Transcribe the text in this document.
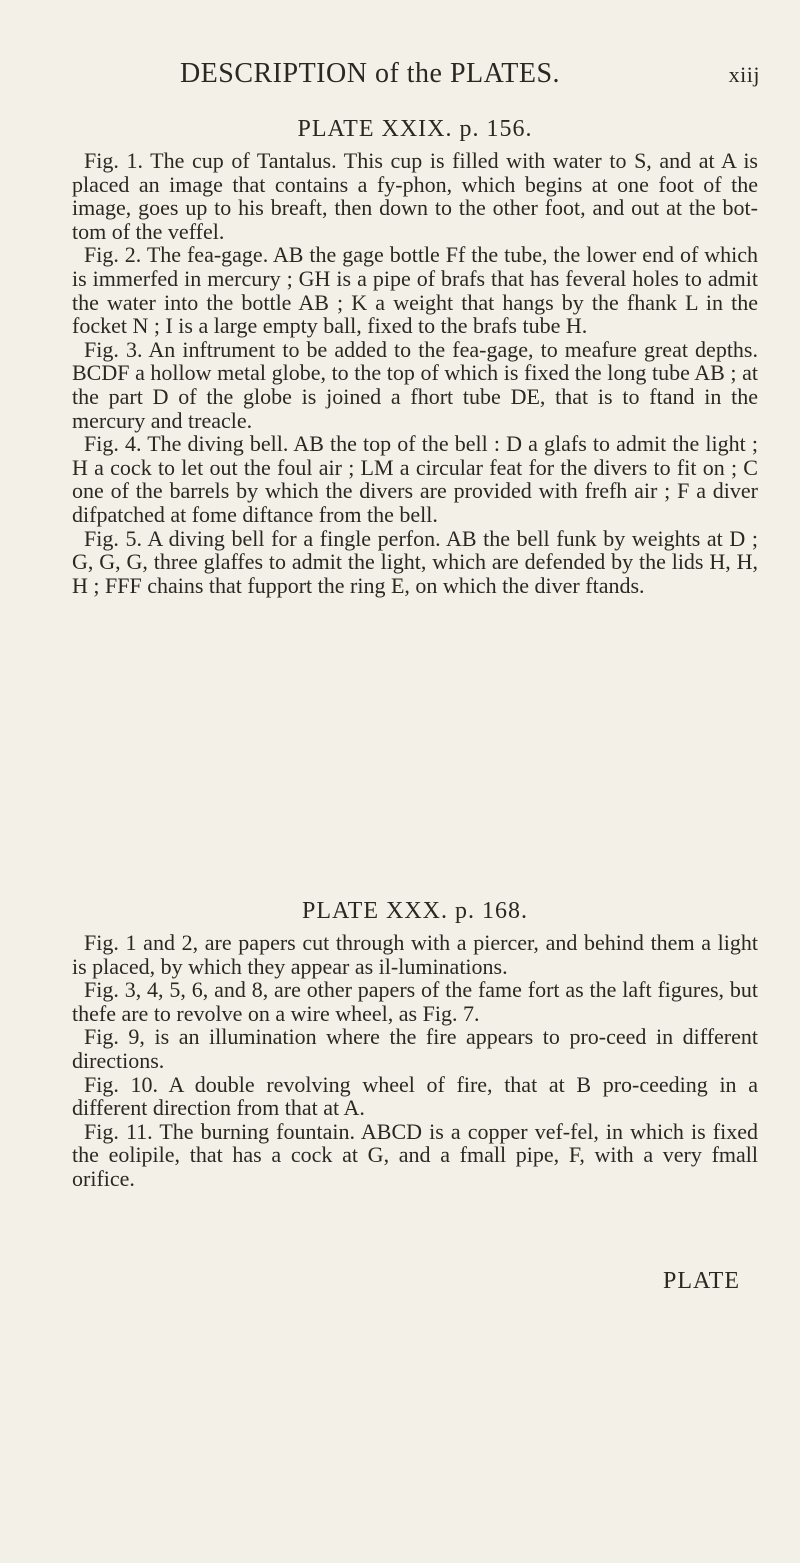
DESCRIPTION of the PLATES.	xiij

PLATE XXIX. p. 156.

Fig. 1. The cup of Tantalus. This cup is filled with water to S, and at A is placed an image that contains a fy-phon, which begins at one foot of the image, goes up to his breaft, then down to the other foot, and out at the bot-tom of the veffel.

Fig. 2. The fea-gage. AB the gage bottle Ff the tube, the lower end of which is immerfed in mercury ; GH is a pipe of brafs that has feveral holes to admit the water into the bottle AB ; K a weight that hangs by the fhank L in the focket N ; I is a large empty ball, fixed to the brafs tube H.

Fig. 3. An inftrument to be added to the fea-gage, to meafure great depths. BCDF a hollow metal globe, to the top of which is fixed the long tube AB ; at the part D of the globe is joined a fhort tube DE, that is to ftand in the mercury and treacle.

Fig. 4. The diving bell. AB the top of the bell : D a glafs to admit the light ; H a cock to let out the foul air ; LM a circular feat for the divers to fit on ; C one of the barrels by which the divers are provided with frefh air ; F a diver difpatched at fome diftance from the bell.

Fig. 5. A diving bell for a fingle perfon. AB the bell funk by weights at D ; G, G, G, three glaffes to admit the light, which are defended by the lids H, H, H ; FFF chains that fupport the ring E, on which the diver ftands.

PLATE XXX. p. 168.

Fig. 1 and 2, are papers cut through with a piercer, and behind them a light is placed, by which they appear as il-luminations.

Fig. 3, 4, 5, 6, and 8, are other papers of the fame fort as the laft figures, but thefe are to revolve on a wire wheel, as Fig. 7.

Fig. 9, is an illumination where the fire appears to pro-ceed in different directions.

Fig. 10. A double revolving wheel of fire, that at B pro-ceeding in a different direction from that at A.

Fig. 11. The burning fountain. ABCD is a copper vef-fel, in which is fixed the eolipile, that has a cock at G, and a fmall pipe, F, with a very fmall orifice.

PLATE
